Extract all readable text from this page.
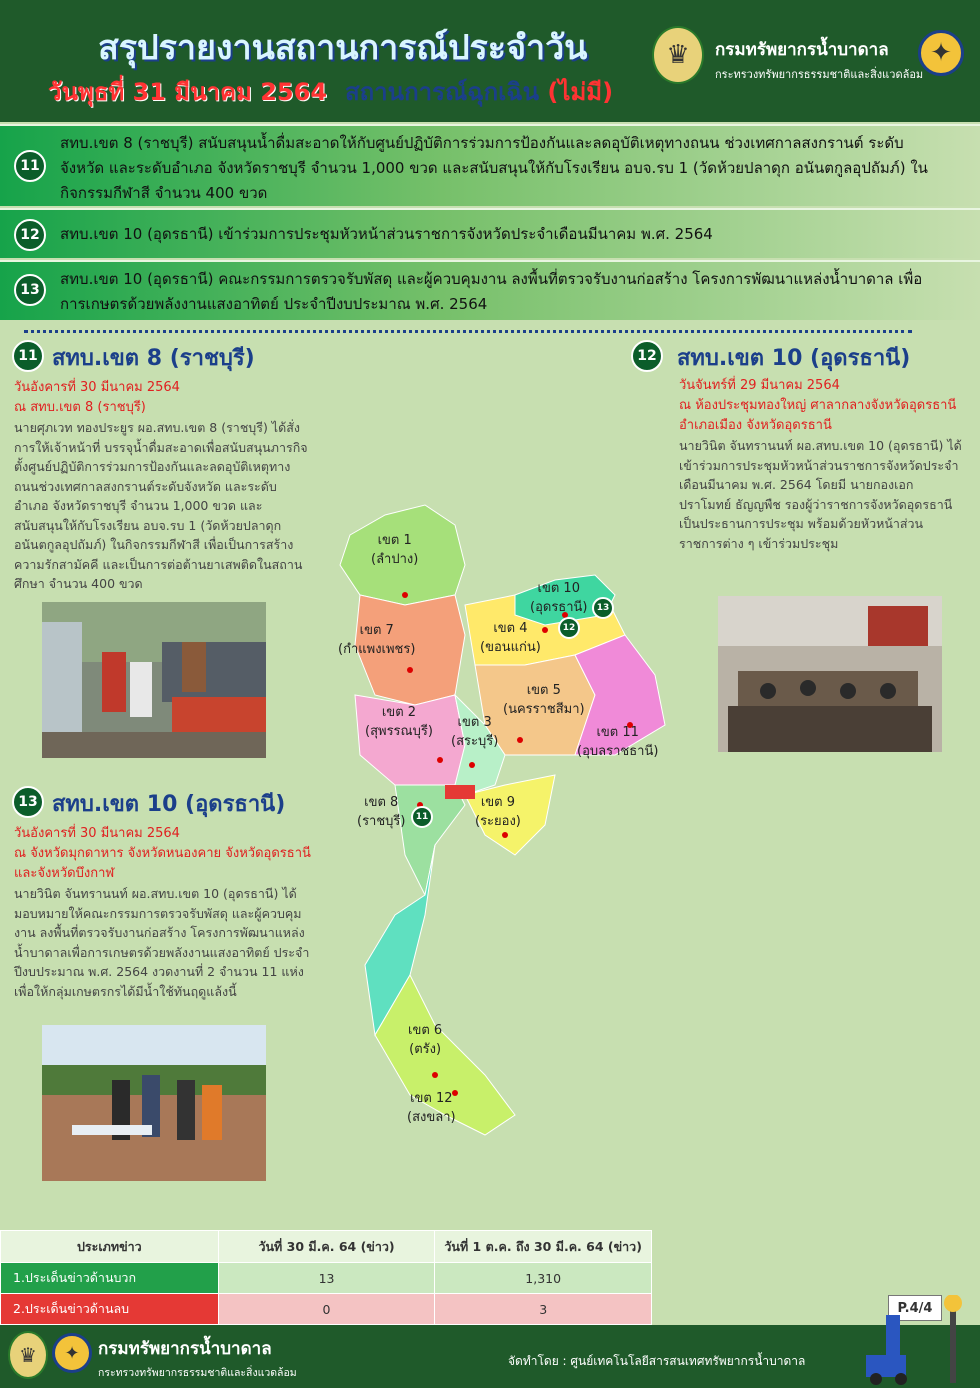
สรุปรายงานสถานการณ์ประจำวัน
วันพุธที่ 31 มีนาคม 2564 สถานการณ์ฉุกเฉิน (ไม่มี)
♛	กรมทรัพยากรน้ำบาดาล
กระทรวงทรัพยากรธรรมชาติและสิ่งแวดล้อม
✦
11
สทบ.เขต 8 (ราชบุรี) สนับสนุนน้ำดื่มสะอาดให้กับศูนย์ปฏิบัติการร่วมการป้องกันและลดอุบัติเหตุทางถนน ช่วงเทศกาลสงกรานต์ ระดับจังหวัด และระดับอำเภอ จังหวัดราชบุรี จำนวน 1,000 ขวด และสนับสนุนให้กับโรงเรียน อบจ.รบ 1 (วัดห้วยปลาดุก อนันตกูลอุปถัมภ์) ในกิจกรรมกีฬาสี จำนวน 400 ขวด
12	สทบ.เขต 10 (อุดรธานี) เข้าร่วมการประชุมหัวหน้าส่วนราชการจังหวัดประจำเดือนมีนาคม พ.ศ. 2564
13
สทบ.เขต 10 (อุดรธานี) คณะกรรมการตรวจรับพัสดุ และผู้ควบคุมงาน ลงพื้นที่ตรวจรับงานก่อสร้าง โครงการพัฒนาแหล่งน้ำบาดาล เพื่อการเกษตรด้วยพลังงานแสงอาทิตย์ ประจำปีงบประมาณ พ.ศ. 2564
11 สทบ.เขต 8 (ราชบุรี)
วันอังคารที่ 30 มีนาคม 2564
ณ สทบ.เขต 8 (ราชบุรี)
นายศุภเวท ทองประยูร ผอ.สทบ.เขต 8 (ราชบุรี) ได้สั่งการให้เจ้าหน้าที่ บรรจุน้ำดื่มสะอาดเพื่อสนับสนุนภารกิจตั้งศูนย์ปฏิบัติการร่วมการป้องกันและลดอุบัติเหตุทางถนนช่วงเทศกาลสงกรานต์ระดับจังหวัด และระดับอำเภอ จังหวัดราชบุรี จำนวน 1,000 ขวด และสนับสนุนให้กับโรงเรียน อบจ.รบ 1 (วัดห้วยปลาดุก อนันตกูลอุปถัมภ์) ในกิจกรรมกีฬาสี เพื่อเป็นการสร้างความรักสามัคคี และเป็นการต่อต้านยาเสพติดในสถานศึกษา จำนวน 400 ขวด
12 สทบ.เขต 10 (อุดรธานี)
วันจันทร์ที่ 29 มีนาคม 2564
ณ ห้องประชุมทองใหญ่ ศาลากลางจังหวัดอุดรธานี อำเภอเมือง จังหวัดอุดรธานี
นายวินิต จันทรานนท์ ผอ.สทบ.เขต 10 (อุดรธานี) ได้เข้าร่วมการประชุมหัวหน้าส่วนราชการจังหวัดประจำเดือนมีนาคม พ.ศ. 2564 โดยมี นายกองเอก ปราโมทย์ ธัญญพืช รองผู้ว่าราชการจังหวัดอุดรธานี เป็นประธานการประชุม พร้อมด้วยหัวหน้าส่วนราชการต่าง ๆ เข้าร่วมประชุม
13 สทบ.เขต 10 (อุดรธานี)
วันอังคารที่ 30 มีนาคม 2564
ณ จังหวัดมุกดาหาร จังหวัดหนองคาย จังหวัดอุดรธานี และจังหวัดบึงกาฬ
นายวินิต จันทรานนท์ ผอ.สทบ.เขต 10 (อุดรธานี) ได้มอบหมายให้คณะกรรมการตรวจรับพัสดุ และผู้ควบคุมงาน ลงพื้นที่ตรวจรับงานก่อสร้าง โครงการพัฒนาแหล่งน้ำบาดาลเพื่อการเกษตรด้วยพลังงานแสงอาทิตย์ ประจำปีงบประมาณ พ.ศ. 2564 งวดงานที่ 2 จำนวน 11 แห่ง เพื่อให้กลุ่มเกษตรกรได้มีน้ำใช้ทันฤดูแล้งนี้
เขต 1
(ลำปาง)
เขต 7
(กำแพงเพชร)
เขต 10
(อุดรธานี)
เขต 4
(ขอนแก่น)
เขต 5
(นครราชสีมา)
เขต 2
(สุพรรณบุรี)
เขต 3
(สระบุรี)
เขต 11
(อุบลราชธานี)
เขต 8
(ราชบุรี)
เขต 9
(ระยอง)
เขต 6
(ตรัง)
เขต 12
(สงขลา)
13
12
11
ประเภทข่าว	วันที่ 30 มี.ค. 64 (ข่าว)	วันที่ 1 ต.ค. ถึง 30 มี.ค. 64 (ข่าว)
1.ประเด็นข่าวด้านบวก	13	1,310
2.ประเด็นข่าวด้านลบ	0	3	P.4/4
♛	✦	กรมทรัพยากรน้ำบาดาล
กระทรวงทรัพยากรธรรมชาติและสิ่งแวดล้อม
จัดทำโดย : ศูนย์เทคโนโลยีสารสนเทศทรัพยากรน้ำบาดาล
